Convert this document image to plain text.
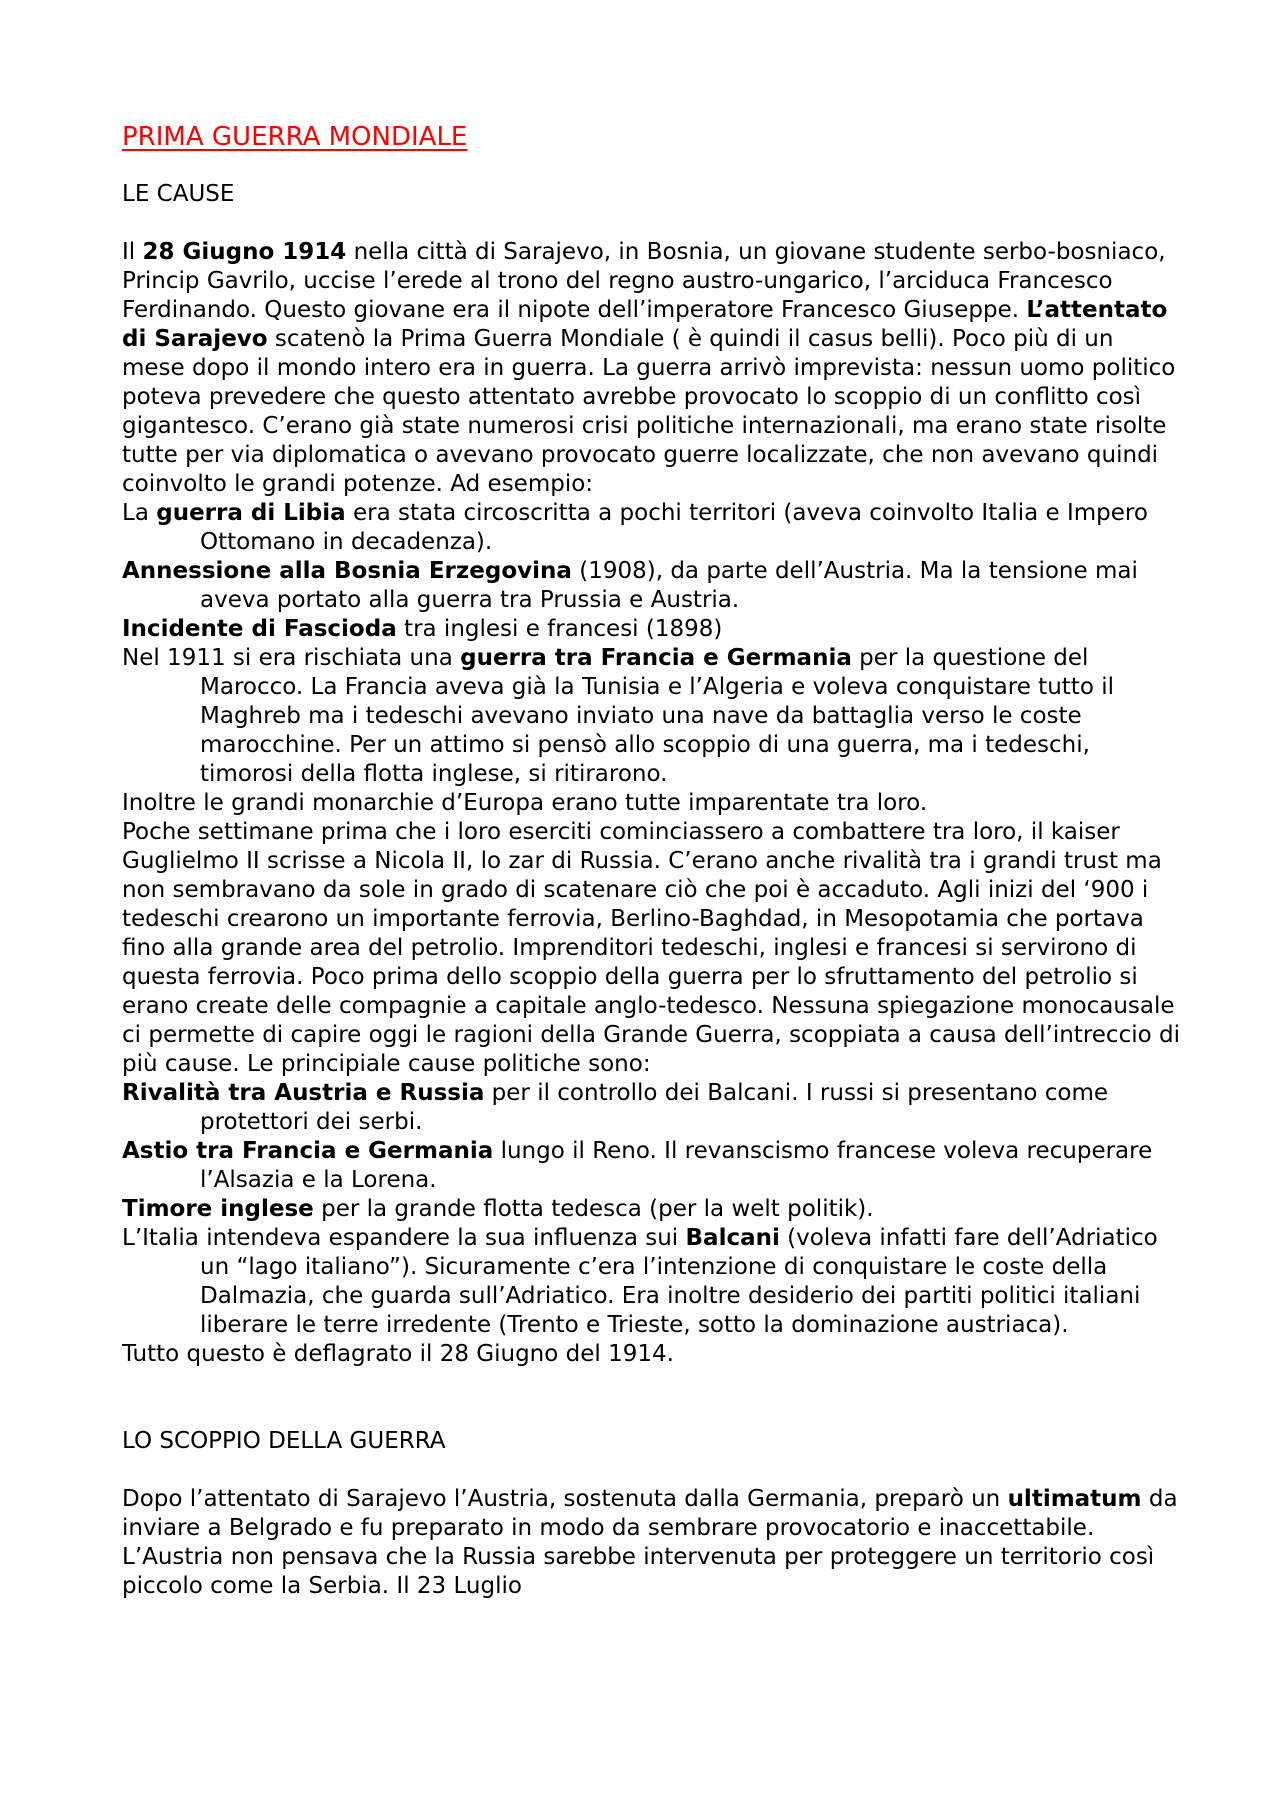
PRIMA GUERRA MONDIALE
LE CAUSE

Il 28 Giugno 1914 nella città di Sarajevo, in Bosnia, un giovane studente serbo-bosniaco, Princip Gavrilo, uccise l’erede al trono del regno austro-ungarico, l’arciduca Francesco Ferdinando. Questo giovane era il nipote dell’imperatore Francesco Giuseppe. L’attentato di Sarajevo scatenò la Prima Guerra Mondiale ( è quindi il casus belli). Poco più di un mese dopo il mondo intero era in guerra. La guerra arrivò imprevista: nessun uomo politico poteva prevedere che questo attentato avrebbe provocato lo scoppio di un conflitto così gigantesco. C’erano già state numerosi crisi politiche internazionali, ma erano state risolte tutte per via diplomatica o avevano provocato guerre localizzate, che non avevano quindi coinvolto le grandi potenze. Ad esempio:

La guerra di Libia era stata circoscritta a pochi territori (aveva coinvolto Italia e Impero Ottomano in decadenza).

Annessione alla Bosnia Erzegovina (1908), da parte dell’Austria. Ma la tensione mai aveva portato alla guerra tra Prussia e Austria.

Incidente di Fascioda tra inglesi e francesi (1898)

Nel 1911 si era rischiata una guerra tra Francia e Germania per la questione del Marocco. La Francia aveva già la Tunisia e l’Algeria e voleva conquistare tutto il Maghreb ma i tedeschi avevano inviato una nave da battaglia verso le coste marocchine. Per un attimo si pensò allo scoppio di una guerra, ma i tedeschi, timorosi della flotta inglese, si ritirarono.

Inoltre le grandi monarchie d’Europa erano tutte imparentate tra loro.

Poche settimane prima che i loro eserciti cominciassero a combattere tra loro, il kaiser Guglielmo II scrisse a Nicola II, lo zar di Russia. C’erano anche rivalità tra i grandi trust ma non sembravano da sole in grado di scatenare ciò che poi è accaduto. Agli inizi del ‘900 i tedeschi crearono un importante ferrovia, Berlino-Baghdad, in Mesopotamia che portava fino alla grande area del petrolio. Imprenditori tedeschi, inglesi e francesi si servirono di questa ferrovia. Poco prima dello scoppio della guerra per lo sfruttamento del petrolio si erano create delle compagnie a capitale anglo-tedesco. Nessuna spiegazione monocausale ci permette di capire oggi le ragioni della Grande Guerra, scoppiata a causa dell’intreccio di più cause. Le principiale cause politiche sono:

Rivalità tra Austria e Russia per il controllo dei Balcani. I russi si presentano come protettori dei serbi.

Astio tra Francia e Germania lungo il Reno. Il revanscismo francese voleva recuperare l’Alsazia e la Lorena.

Timore inglese per la grande flotta tedesca (per la welt politik).

L’Italia intendeva espandere la sua influenza sui Balcani (voleva infatti fare dell’Adriatico un “lago italiano”). Sicuramente c’era l’intenzione di conquistare le coste della Dalmazia, che guarda sull’Adriatico. Era inoltre desiderio dei partiti politici italiani liberare le terre irredente (Trento e Trieste, sotto la dominazione austriaca).

Tutto questo è deflagrato il 28 Giugno del 1914.

LO SCOPPIO DELLA GUERRA

Dopo l’attentato di Sarajevo l’Austria, sostenuta dalla Germania, preparò un ultimatum da inviare a Belgrado e fu preparato in modo da sembrare provocatorio e inaccettabile. L’Austria non pensava che la Russia sarebbe intervenuta per proteggere un territorio così piccolo come la Serbia. Il 23 Luglio
